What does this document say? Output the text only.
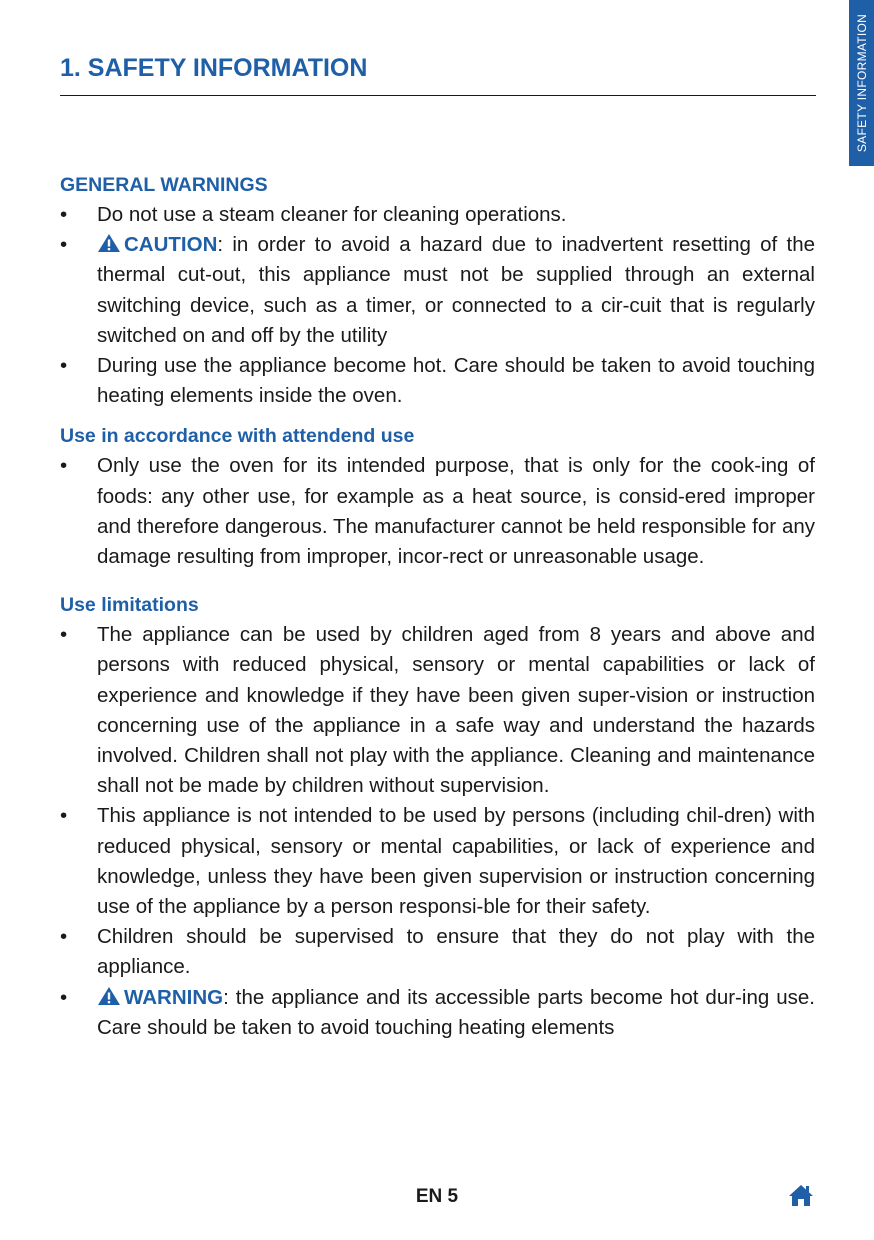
SAFETY INFORMATION
1. SAFETY INFORMATION
GENERAL WARNINGS
• Do not use a steam cleaner for cleaning operations.
•	CAUTION: in order to avoid a hazard due to inadvertent resetting of the thermal cut-out, this appliance must not be supplied through an external switching device, such as a timer, or connected to a cir-cuit that is regularly switched on and off by the utility
• During use the appliance become hot. Care should be taken to avoid touching heating elements inside the oven.
Use in accordance with attendend use
• Only use the oven for its intended purpose, that is only for the cook-ing of foods: any other use, for example as a heat source, is consid-ered improper and therefore dangerous. The manufacturer cannot be held responsible for any damage resulting from improper, incor-rect or unreasonable usage.
Use limitations
• The appliance can be used by children aged from 8 years and above and persons with reduced physical, sensory or mental capabilities or lack of experience and knowledge if they have been given super-vision or instruction concerning use of the appliance in a safe way and understand the hazards involved. Children shall not play with the appliance. Cleaning and maintenance shall not be made by children without supervision.
• This appliance is not intended to be used by persons (including chil-dren) with reduced physical, sensory or mental capabilities, or lack of experience and knowledge, unless they have been given supervision or instruction concerning use of the appliance by a person responsi-ble for their safety.
• Children should be supervised to ensure that they do not play with the appliance.
•	WARNING: the appliance and its accessible parts become hot dur-ing use. Care should be taken to avoid touching heating elements
EN 5
